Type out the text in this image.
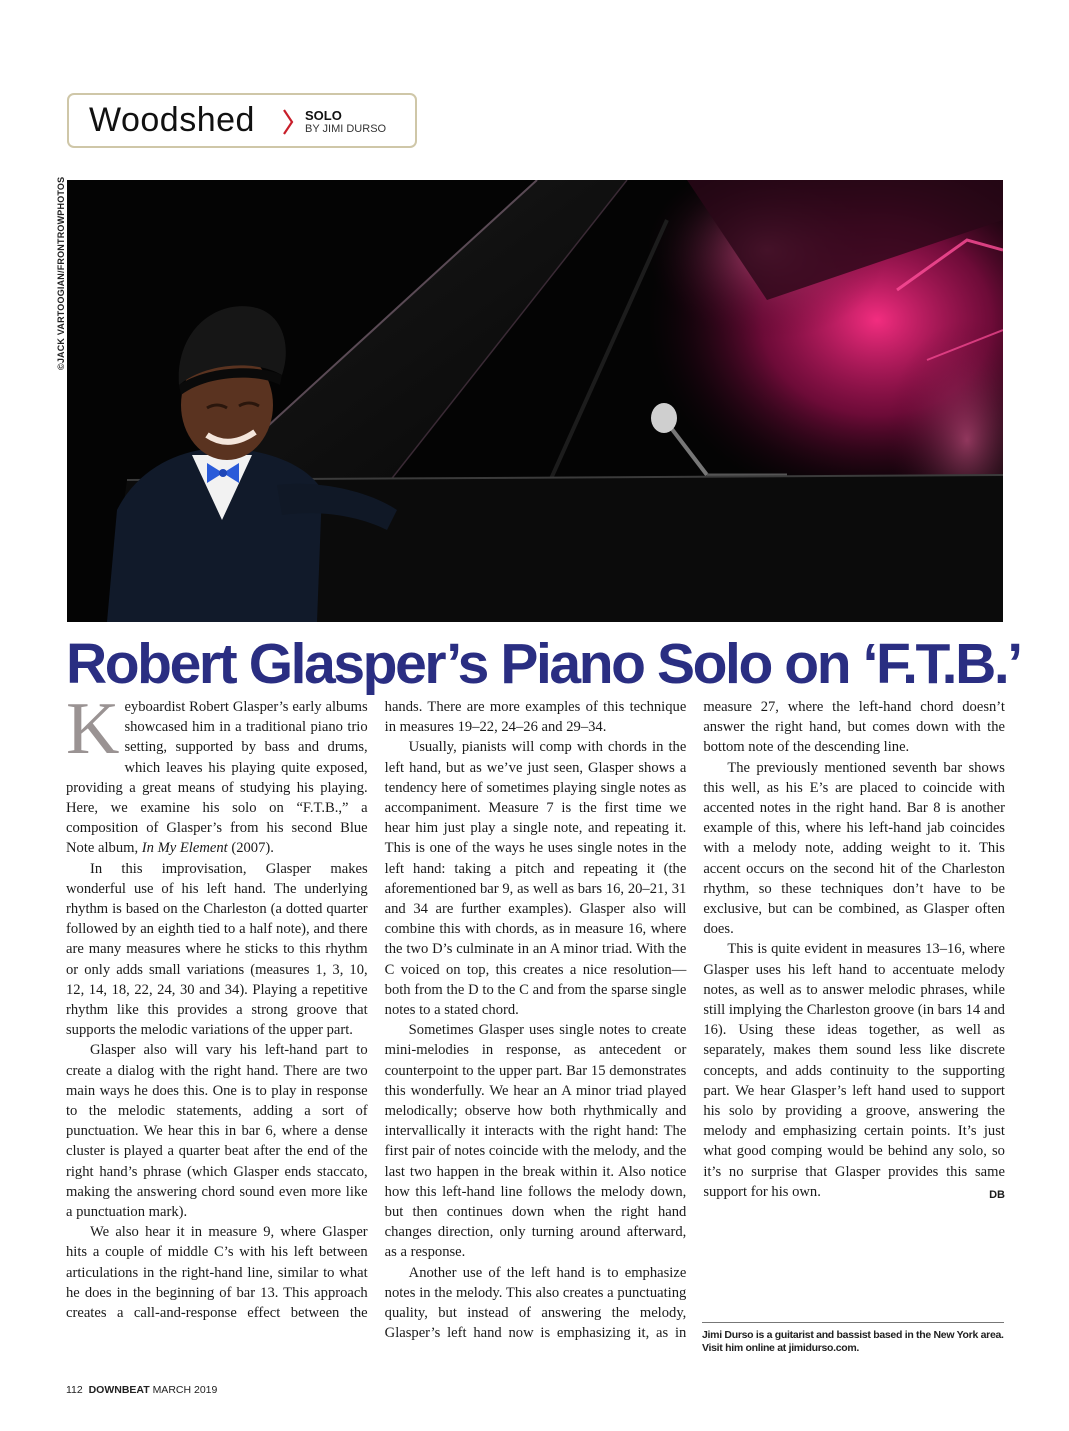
Woodshed	SOLO
BY JIMI DURSO
©JACK VARTOOGIAN/FRONTROWPHOTOS
Robert Glasper’s Piano Solo on ‘F.T.B.’

Keyboardist Robert Glasper’s early albums showcased him in a traditional piano trio setting, supported by bass and drums, which leaves his playing quite exposed, providing a great means of studying his playing. Here, we examine his solo on “F.T.B.,” a composition of Glasper’s from his second Blue Note album, In My Element (2007).

In this improvisation, Glasper makes wonderful use of his left hand. The underlying rhythm is based on the Charleston (a dotted quarter followed by an eighth tied to a half note), and there are many measures where he sticks to this rhythm or only adds small variations (measures 1, 3, 10, 12, 14, 18, 22, 24, 30 and 34). Playing a repetitive rhythm like this provides a strong groove that supports the melodic variations of the upper part.

Glasper also will vary his left-hand part to create a dialog with the right hand. There are two main ways he does this. One is to play in response to the melodic statements, adding a sort of punctuation. We hear this in bar 6, where a dense cluster is played a quarter beat after the end of the right hand’s phrase (which Glasper ends staccato, making the answering chord sound even more like a punctuation mark).

We also hear it in measure 9, where Glasper hits a couple of middle C’s with his left between articulations in the right-hand line, similar to what he does in the beginning of bar 13. This approach creates a call-and-response effect between the hands. There are more examples of this technique in measures 19–22, 24–26 and 29–34.

Usually, pianists will comp with chords in the left hand, but as we’ve just seen, Glasper shows a tendency here of sometimes playing single notes as accompaniment. Measure 7 is the first time we hear him just play a single note, and repeating it. This is one of the ways he uses single notes in the left hand: taking a pitch and repeating it (the aforementioned bar 9, as well as bars 16, 20–21, 31 and 34 are further examples). Glasper also will combine this with chords, as in measure 16, where the two D’s culminate in an A minor triad. With the C voiced on top, this creates a nice resolution—both from the D to the C and from the sparse single notes to a stated chord.

Sometimes Glasper uses single notes to create mini-melodies in response, as antecedent or counterpoint to the upper part. Bar 15 demonstrates this wonderfully. We hear an A minor triad played melodically; observe how both rhythmically and intervallically it interacts with the right hand: The first pair of notes coincide with the melody, and the last two happen in the break within it. Also notice how this left-hand line follows the melody down, but then continues down when the right hand changes direction, only turning around afterward, as a response.

Another use of the left hand is to emphasize notes in the melody. This also creates a punctuating quality, but instead of answering the melody, Glasper’s left hand now is emphasizing it, as in measure 27, where the left-hand chord doesn’t answer the right hand, but comes down with the bottom note of the descending line.

The previously mentioned seventh bar shows this well, as his E’s are placed to coincide with accented notes in the right hand. Bar 8 is another example of this, where his left-hand jab coincides with a melody note, adding weight to it. This accent occurs on the second hit of the Charleston rhythm, so these techniques don’t have to be exclusive, but can be combined, as Glasper often does.

This is quite evident in measures 13–16, where Glasper uses his left hand to accentuate melody notes, as well as to answer melodic phrases, while still implying the Charleston groove (in bars 14 and 16). Using these ideas together, as well as separately, makes them sound less like discrete concepts, and adds continuity to the supporting part. We hear Glasper’s left hand used to support his solo by providing a groove, answering the melody and emphasizing certain points. It’s just what good comping would be behind any solo, so it’s no surprise that Glasper provides this same support for his own.	DB

Jimi Durso is a guitarist and bassist based in the New York area. Visit him online at jimidurso.com.
112 DOWNBEAT MARCH 2019
